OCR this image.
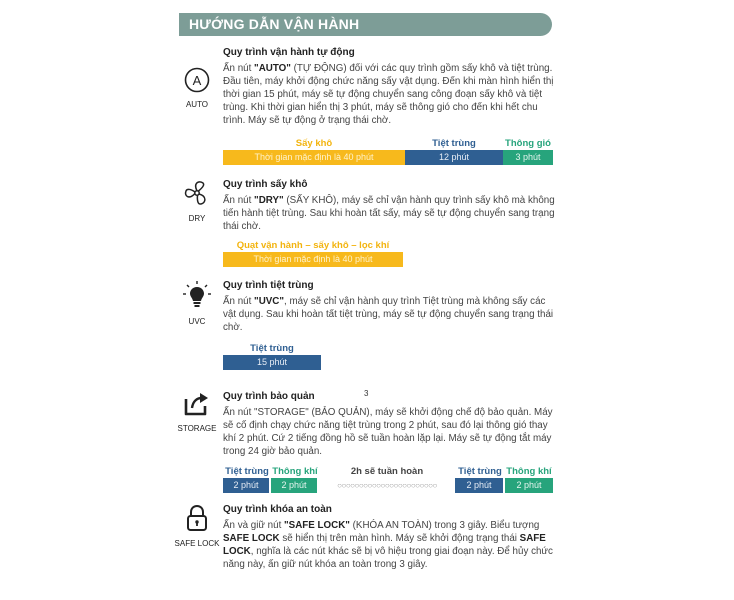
HƯỚNG DẪN VẬN HÀNH
A
AUTO

Quy trình vận hành tự động

Ấn nút "AUTO" (TỰ ĐỘNG) đối với các quy trình gồm sấy khô và tiệt trùng. Đầu tiên, máy khởi động chức năng sấy vật dụng. Đến khi màn hình hiển thị thời gian 15 phút, máy sẽ tự động chuyển sang công đoạn sấy khô và tiệt trùng. Khi thời gian hiển thị 3 phút, máy sẽ thông gió cho đến khi hết chu trình. Máy sẽ tự động ở trạng thái chờ.

Sấy khô	Tiệt trùng	Thông gió
Thời gian mặc định là 40 phút	12 phút	3 phút
DRY

Quy trình sấy khô

Ấn nút "DRY" (SẤY KHÔ), máy sẽ chỉ vận hành quy trình sấy khô mà không tiến hành tiệt trùng. Sau khi hoàn tất sấy, máy sẽ tự động chuyển sang trạng thái chờ.

Quạt vận hành – sấy khô – lọc khí
Thời gian mặc định là 40 phút
UVC

Quy trình tiệt trùng

Ấn nút "UVC", máy sẽ chỉ vận hành quy trình Tiệt trùng mà không sấy các vật dụng. Sau khi hoàn tất tiệt trùng, máy sẽ tự động chuyển sang trạng thái chờ.

Tiệt trùng
15 phút
3
STORAGE

Quy trình bảo quản

Ấn nút "STORAGE" (BẢO QUẢN), máy sẽ khởi động chế độ bảo quản. Máy sẽ cố định chạy chức năng tiệt trùng trong 2 phút, sau đó lại thông gió thay khí 2 phút. Cứ 2 tiếng đồng hồ sẽ tuần hoàn lặp lại. Máy sẽ tự động tắt máy trong 24 giờ bảo quản.

Tiệt trùng Thông khí	2h sẽ tuần hoàn	Tiệt trùng Thông khí
2 phút	2 phút	○○○○○○○○○○○○○○○○○○○○○○○	2 phút	2 phút
SAFE LOCK

Quy trình khóa an toàn

Ấn và giữ nút "SAFE LOCK" (KHÓA AN TOÀN) trong 3 giây. Biểu tượng SAFE LOCK sẽ hiển thị trên màn hình. Máy sẽ khởi động trạng thái SAFE LOCK, nghĩa là các nút khác sẽ bị vô hiệu trong giai đoạn này. Để hủy chức năng này, ấn giữ nút khóa an toàn trong 3 giây.
